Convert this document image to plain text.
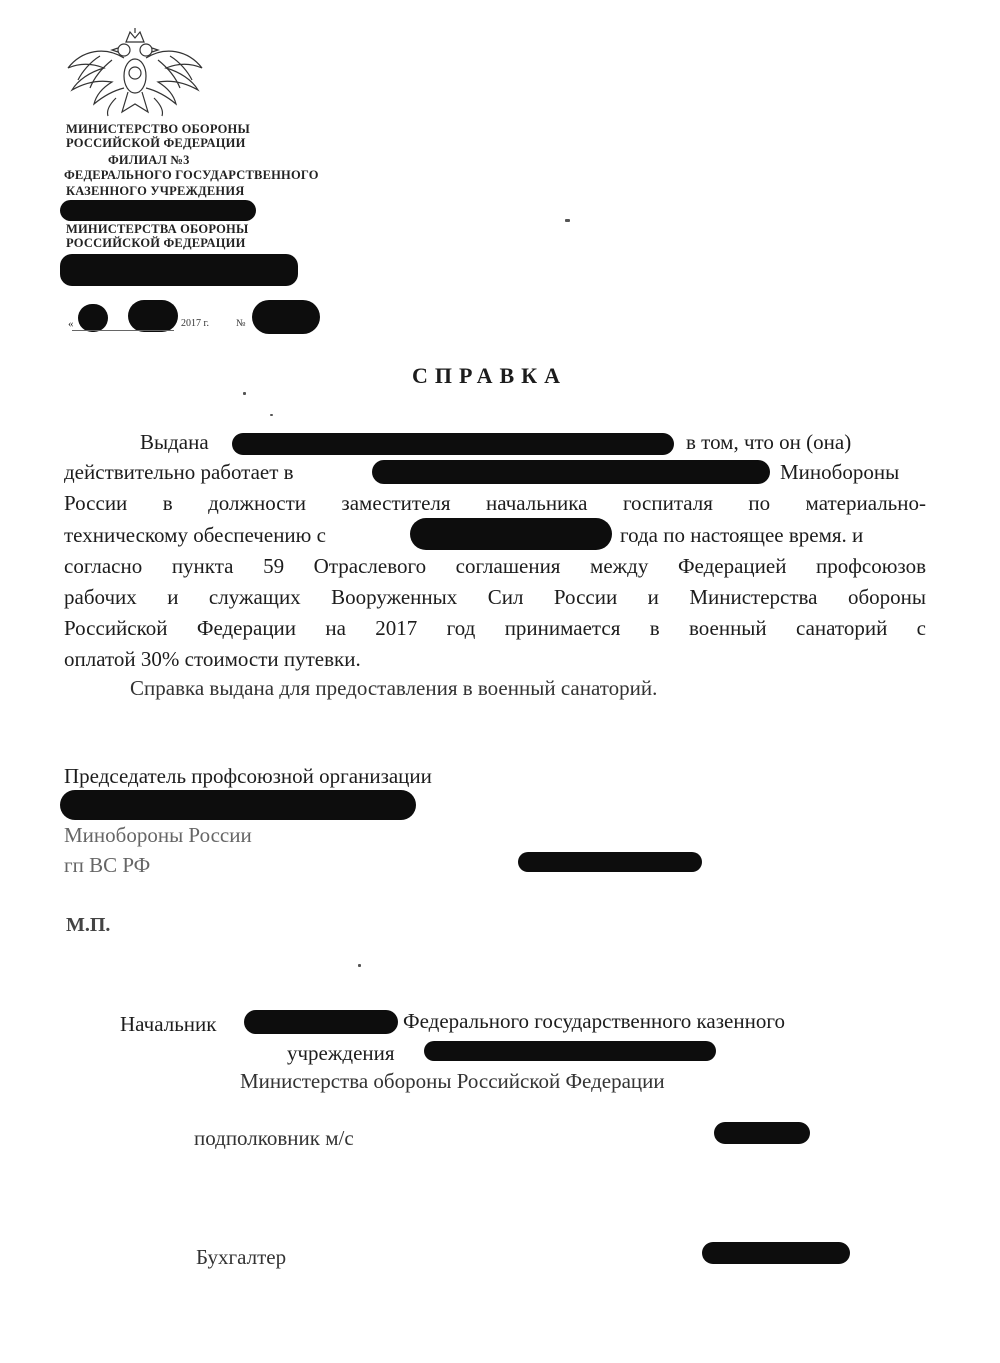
МИНИСТЕРСТВО ОБОРОНЫ
РОССИЙСКОЙ ФЕДЕРАЦИИ
ФИЛИАЛ №3
ФЕДЕРАЛЬНОГО ГОСУДАРСТВЕННОГО
КАЗЕННОГО УЧРЕЖДЕНИЯ
МИНИСТЕРСТВА ОБОРОНЫ
РОССИЙСКОЙ ФЕДЕРАЦИИ
«	2017 г.	№
СПРАВКА
Выдана	в том, что он (она)
действительно работает в	Минобороны
России в должности заместителя начальника госпиталя по материально-
техническому обеспечению с	года по настоящее время. и
согласно пункта 59 Отраслевого соглашения между Федерацией профсоюзов
рабочих и служащих Вооруженных Сил России и Министерства обороны
Российской Федерации на 2017 год принимается в военный санаторий с
оплатой 30% стоимости путевки.
Справка выдана для предоставления в военный санаторий.
Председатель профсоюзной организации
Минобороны России
гп ВС РФ
М.П.
Начальник	Федерального государственного казенного
учреждения
Министерства обороны Российской Федерации
подполковник м/с
Бухгалтер
